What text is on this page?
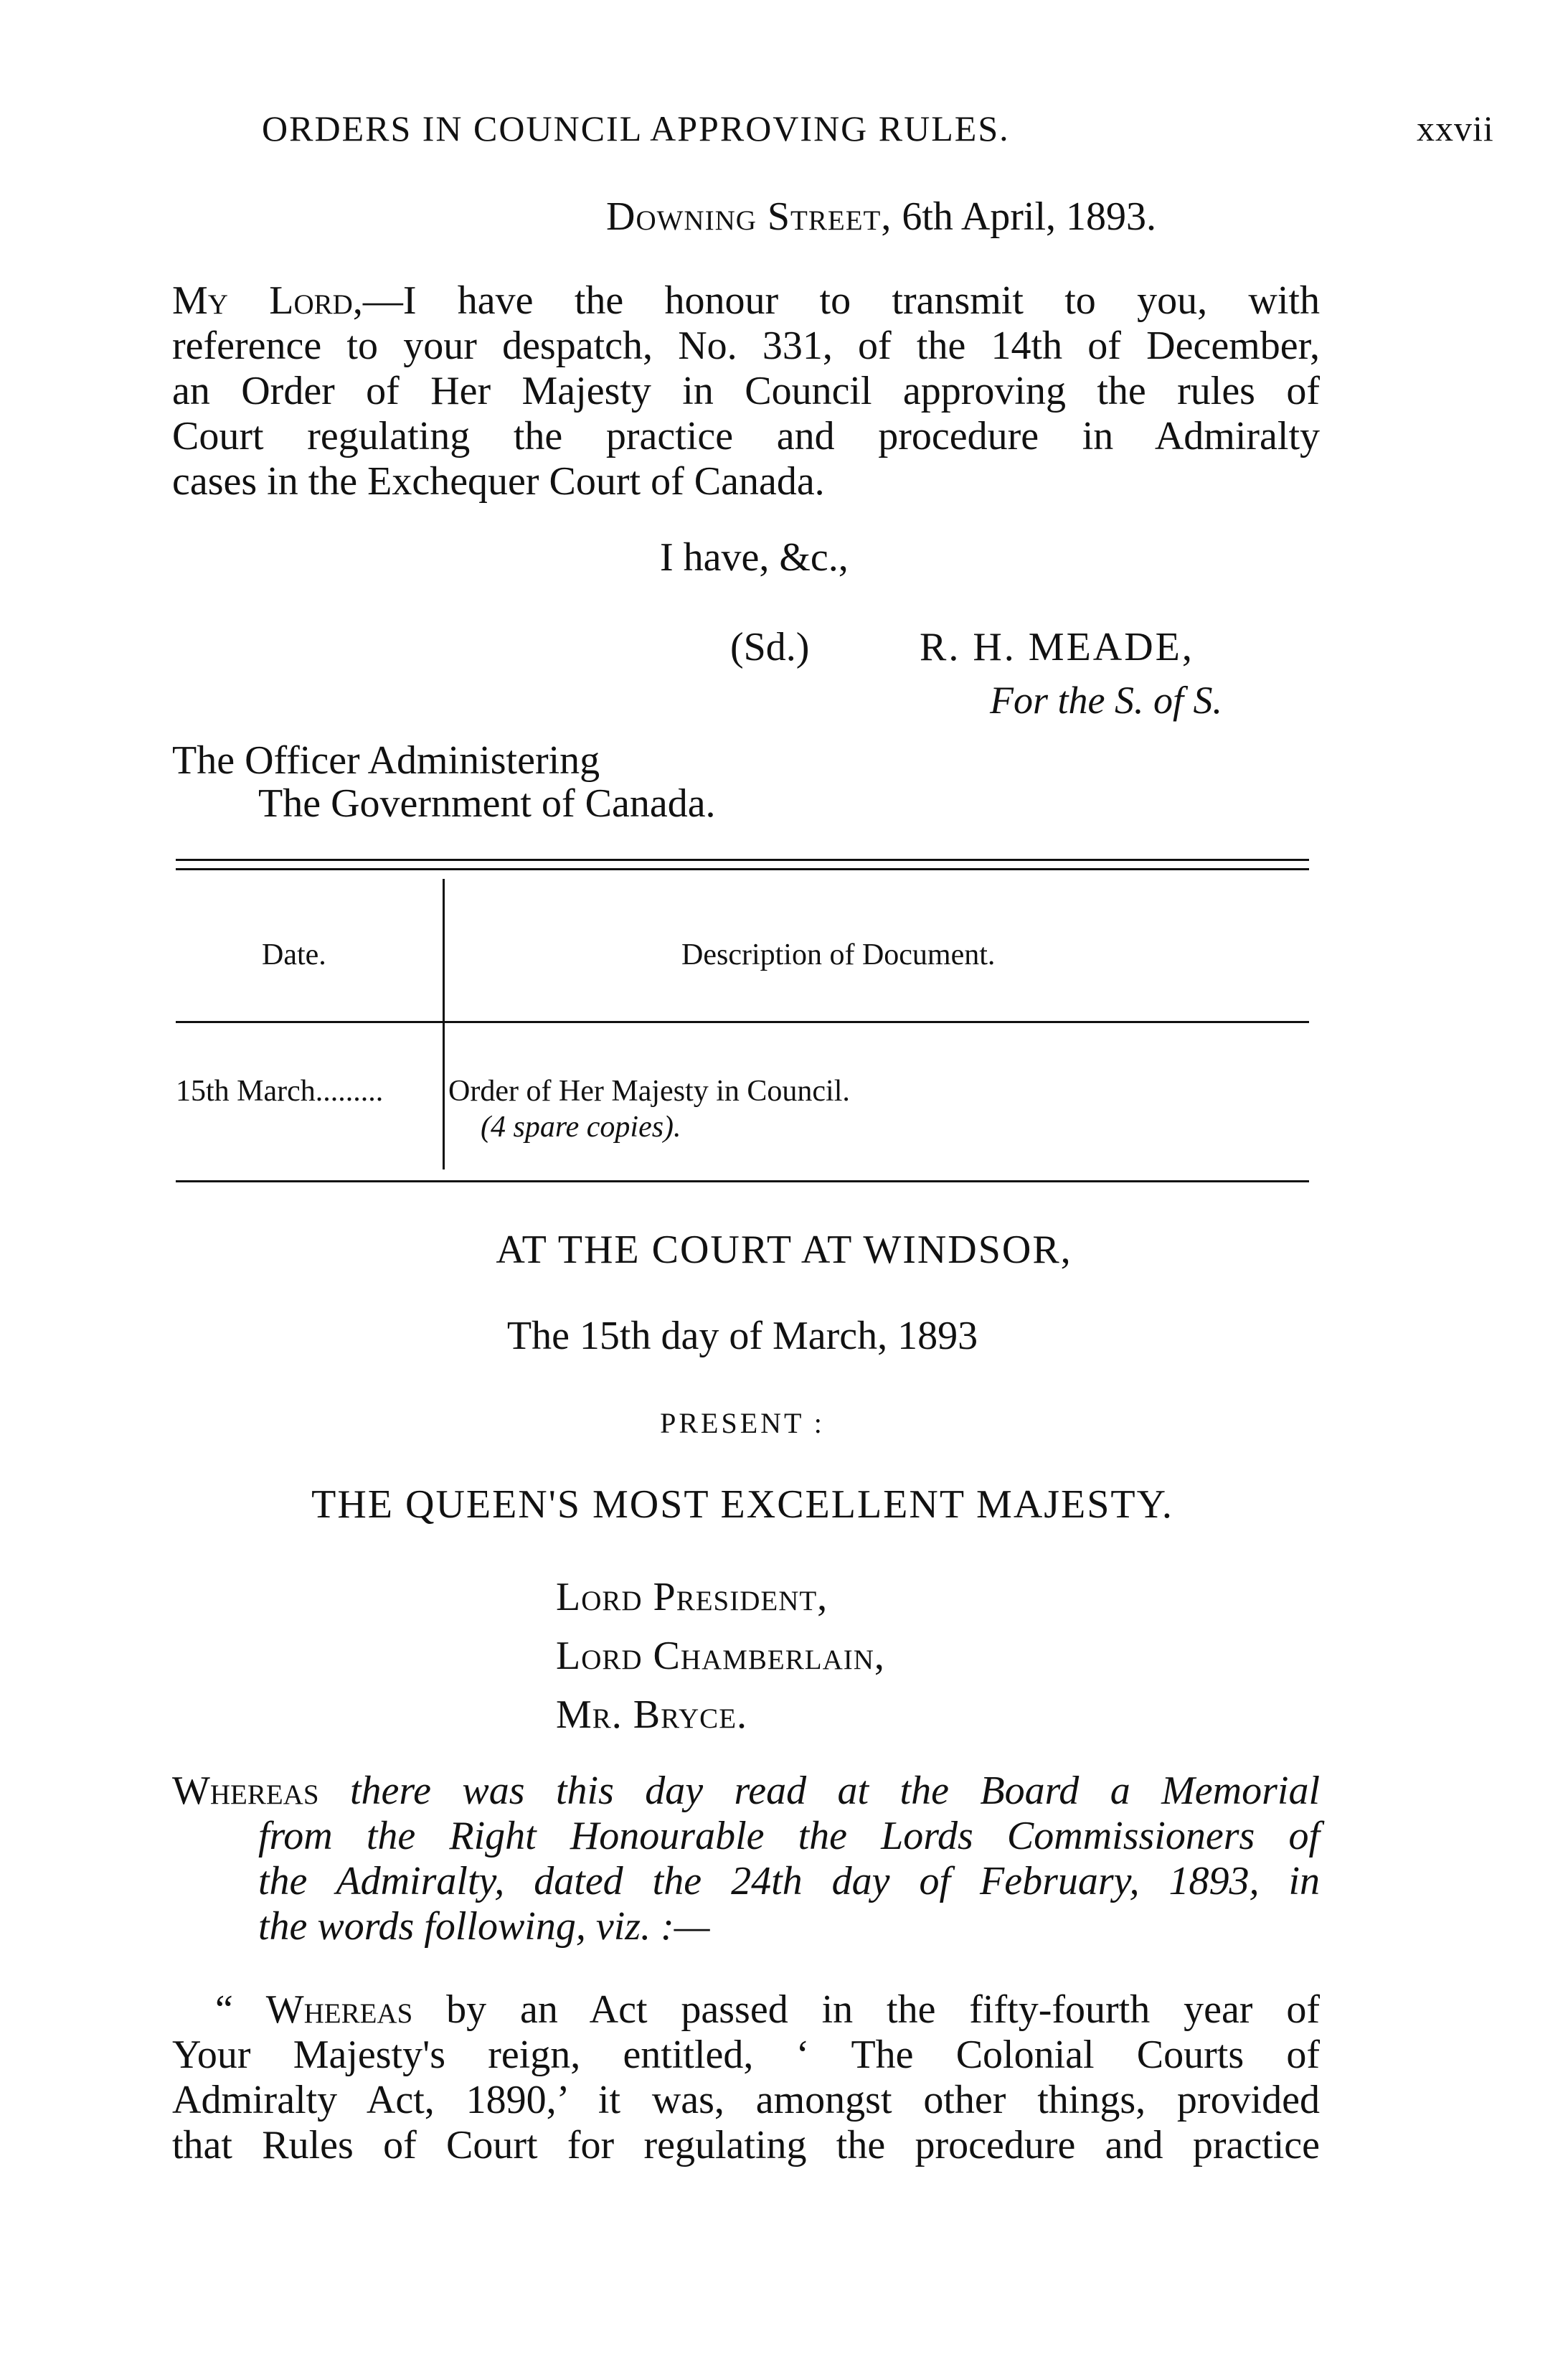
ORDERS IN COUNCIL APPROVING RULES.	xxvii
Downing Street, 6th April, 1893.
My Lord,—I have the honour to transmit to you, with
reference to your despatch, No. 331, of the 14th of December,
an Order of Her Majesty in Council approving the rules of
Court regulating the practice and procedure in Admiralty
cases in the Exchequer Court of Canada.
I have, &c.,
(Sd.)	R. H. MEADE,
For the S. of S.
The Officer Administering
The Government of Canada.
Date.	Description of Document.
15th March......... Order of Her Majesty in Council.
(4 spare copies).
AT THE COURT AT WINDSOR,
The 15th day of March, 1893
PRESENT :
THE QUEEN'S MOST EXCELLENT MAJESTY.
Lord President,
Lord Chamberlain,
Mr. Bryce.
Whereas there was this day read at the Board a Memorial
from the Right Honourable the Lords Commissioners of
the Admiralty, dated the 24th day of February, 1893, in
the words following, viz. :—
“ Whereas by an Act passed in the fifty-fourth year of
Your Majesty's reign, entitled, ‘ The Colonial Courts of
Admiralty Act, 1890,’ it was, amongst other things, provided
that Rules of Court for regulating the procedure and practice
